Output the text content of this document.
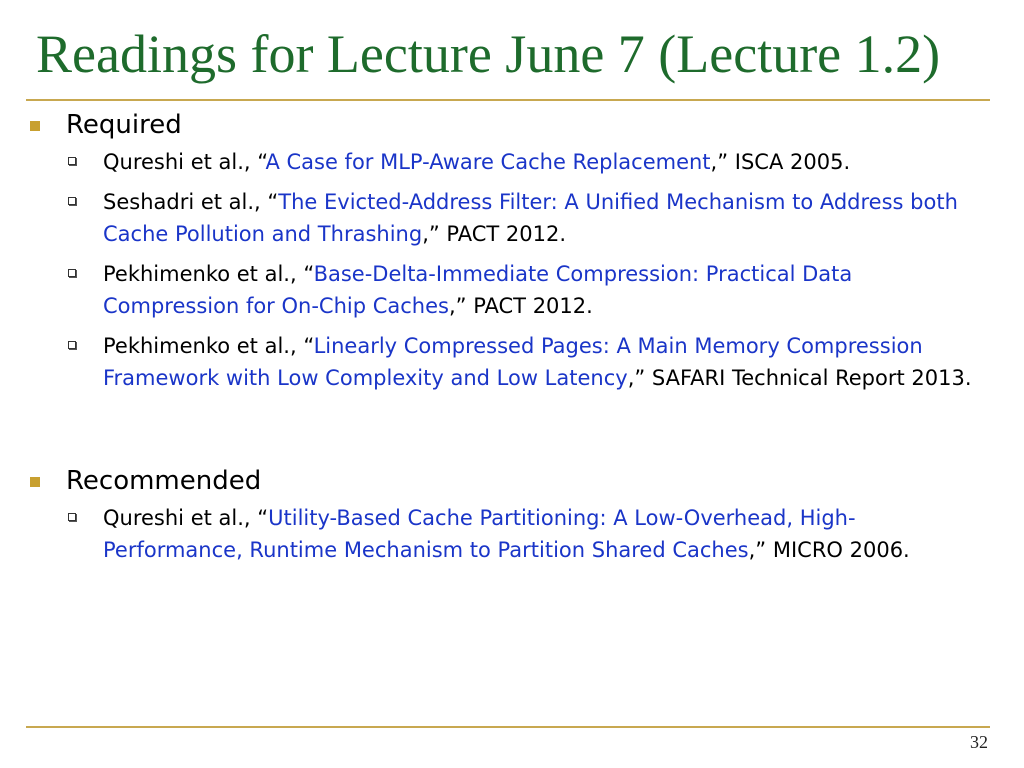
Readings for Lecture June 7 (Lecture 1.2)
Required
Qureshi et al., “A Case for MLP-Aware Cache Replacement,” ISCA 2005.
Seshadri et al., “The Evicted-Address Filter: A Unified Mechanism to Address both Cache Pollution and Thrashing,” PACT 2012.
Pekhimenko et al., “Base-Delta-Immediate Compression: Practical Data Compression for On-Chip Caches,” PACT 2012.
Pekhimenko et al., “Linearly Compressed Pages: A Main Memory Compression Framework with Low Complexity and Low Latency,” SAFARI Technical Report 2013.
Recommended
Qureshi et al., “Utility-Based Cache Partitioning: A Low-Overhead, High-Performance, Runtime Mechanism to Partition Shared Caches,” MICRO 2006.
32
